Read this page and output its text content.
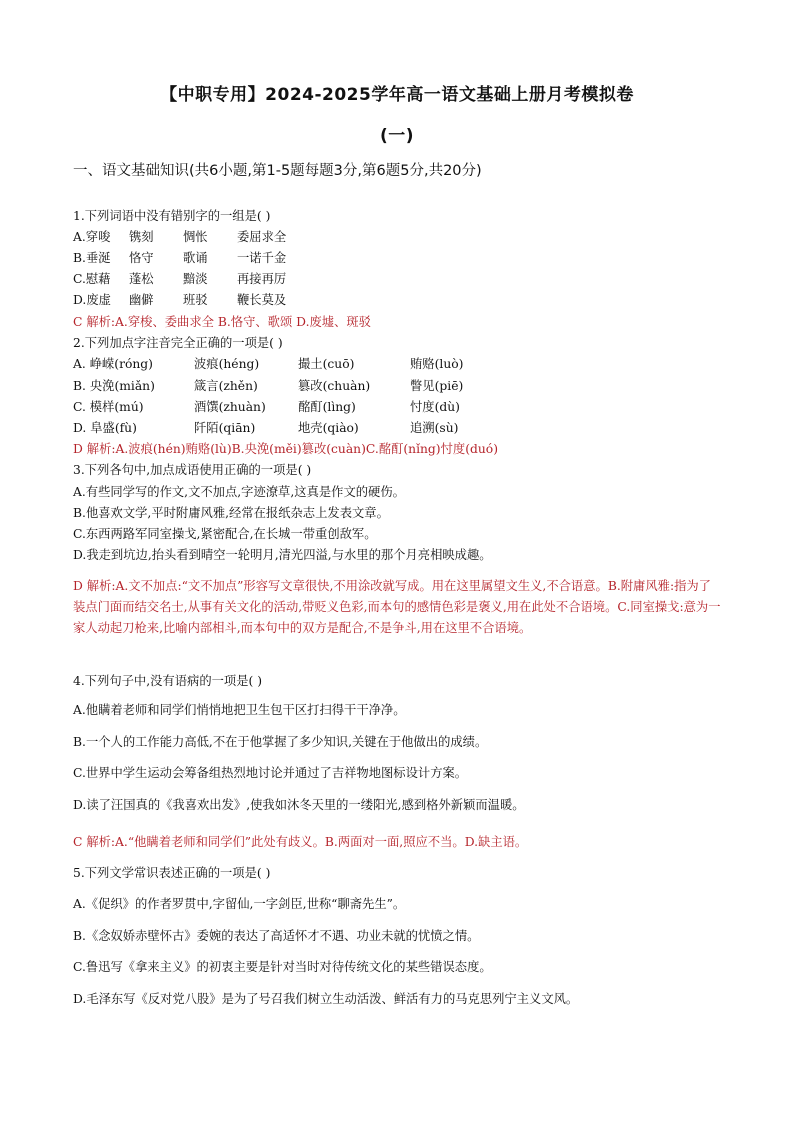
【中职专用】2024-2025学年高一语文基础上册月考模拟卷
(一)
一、语文基础知识(共6小题,第1-5题每题3分,第6题5分,共20分)
1.下列词语中没有错别字的一组是( )
A.穿唆 镌刻 惆怅 委屈求全
B.垂涎 恪守 歌诵 一诺千金
C.慰藉 蓬松 黯淡 再接再厉
D.废虚 幽僻 班驳 鞭长莫及
C 解析:A.穿梭、委曲求全 B.恪守、歌颂 D.废墟、斑驳
2.下列加点字注音完全正确的一项是( )
A. 峥嵘(róng)	波痕(héng)	撮土(cuō)	贿赂(luò)
B. 央浼(miǎn)	箴言(zhěn)	篡改(chuàn)	瞥见(piē)
C. 模样(mú)	酒馔(zhuàn)	酩酊(lìng)	忖度(dù)
D. 阜盛(fù)	阡陌(qiān)	地壳(qiào)	追溯(sù)
D 解析:A.波痕(hén)贿赂(lù)B.央浼(měi)篡改(cuàn)C.酩酊(nǐng)忖度(duó)
3.下列各句中,加点成语使用正确的一项是( )
A.有些同学写的作文,文不加点,字迹潦草,这真是作文的硬伤。
B.他喜欢文学,平时附庸风雅,经常在报纸杂志上发表文章。
C.东西两路军同室操戈,紧密配合,在长城一带重创敌军。
D.我走到坑边,抬头看到晴空一轮明月,清光四溢,与水里的那个月亮相映成趣。
D 解析:A.文不加点:“文不加点”形容写文章很快,不用涂改就写成。用在这里属望文生义,不合语意。B.附庸风雅:指为了装点门面而结交名士,从事有关文化的活动,带贬义色彩,而本句的感情色彩是褒义,用在此处不合语境。C.同室操戈:意为一家人动起刀枪来,比喻内部相斗,而本句中的双方是配合,不是争斗,用在这里不合语境。
4.下列句子中,没有语病的一项是( )
A.他瞒着老师和同学们悄悄地把卫生包干区打扫得干干净净。
B.一个人的工作能力高低,不在于他掌握了多少知识,关键在于他做出的成绩。
C.世界中学生运动会筹备组热烈地讨论并通过了吉祥物地图标设计方案。
D.读了汪国真的《我喜欢出发》,使我如沐冬天里的一缕阳光,感到格外新颖而温暖。
C 解析:A.“他瞒着老师和同学们”此处有歧义。B.两面对一面,照应不当。D.缺主语。
5.下列文学常识表述正确的一项是( )
A.《促织》的作者罗贯中,字留仙,一字剑臣,世称“聊斋先生”。
B.《念奴娇赤壁怀古》委婉的表达了高适怀才不遇、功业未就的忧愤之情。
C.鲁迅写《拿来主义》的初衷主要是针对当时对待传统文化的某些错误态度。
D.毛泽东写《反对党八股》是为了号召我们树立生动活泼、鲜活有力的马克思列宁主义文风。
